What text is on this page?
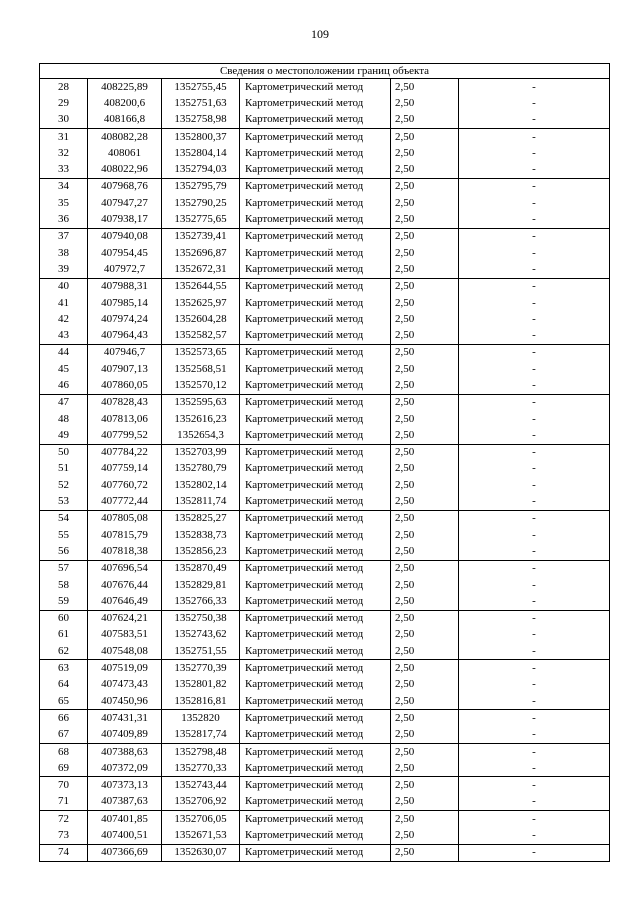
109
Сведения о местоположении границ объекта					
28	408225,89	1352755,45	Картометрический метод	2,50	-
29	408200,6	1352751,63	Картометрический метод	2,50	-
30	408166,8	1352758,98	Картометрический метод	2,50	-
31	408082,28	1352800,37	Картометрический метод	2,50	-
32	408061	1352804,14	Картометрический метод	2,50	-
33	408022,96	1352794,03	Картометрический метод	2,50	-
34	407968,76	1352795,79	Картометрический метод	2,50	-
35	407947,27	1352790,25	Картометрический метод	2,50	-
36	407938,17	1352775,65	Картометрический метод	2,50	-
37	407940,08	1352739,41	Картометрический метод	2,50	-
38	407954,45	1352696,87	Картометрический метод	2,50	-
39	407972,7	1352672,31	Картометрический метод	2,50	-
40	407988,31	1352644,55	Картометрический метод	2,50	-
41	407985,14	1352625,97	Картометрический метод	2,50	-
42	407974,24	1352604,28	Картометрический метод	2,50	-
43	407964,43	1352582,57	Картометрический метод	2,50	-
44	407946,7	1352573,65	Картометрический метод	2,50	-
45	407907,13	1352568,51	Картометрический метод	2,50	-
46	407860,05	1352570,12	Картометрический метод	2,50	-
47	407828,43	1352595,63	Картометрический метод	2,50	-
48	407813,06	1352616,23	Картометрический метод	2,50	-
49	407799,52	1352654,3	Картометрический метод	2,50	-
50	407784,22	1352703,99	Картометрический метод	2,50	-
51	407759,14	1352780,79	Картометрический метод	2,50	-
52	407760,72	1352802,14	Картометрический метод	2,50	-
53	407772,44	1352811,74	Картометрический метод	2,50	-
54	407805,08	1352825,27	Картометрический метод	2,50	-
55	407815,79	1352838,73	Картометрический метод	2,50	-
56	407818,38	1352856,23	Картометрический метод	2,50	-
57	407696,54	1352870,49	Картометрический метод	2,50	-
58	407676,44	1352829,81	Картометрический метод	2,50	-
59	407646,49	1352766,33	Картометрический метод	2,50	-
60	407624,21	1352750,38	Картометрический метод	2,50	-
61	407583,51	1352743,62	Картометрический метод	2,50	-
62	407548,08	1352751,55	Картометрический метод	2,50	-
63	407519,09	1352770,39	Картометрический метод	2,50	-
64	407473,43	1352801,82	Картометрический метод	2,50	-
65	407450,96	1352816,81	Картометрический метод	2,50	-
66	407431,31	1352820	Картометрический метод	2,50	-
67	407409,89	1352817,74	Картометрический метод	2,50	-
68	407388,63	1352798,48	Картометрический метод	2,50	-
69	407372,09	1352770,33	Картометрический метод	2,50	-
70	407373,13	1352743,44	Картометрический метод	2,50	-
71	407387,63	1352706,92	Картометрический метод	2,50	-
72	407401,85	1352706,05	Картометрический метод	2,50	-
73	407400,51	1352671,53	Картометрический метод	2,50	-
74	407366,69	1352630,07	Картометрический метод	2,50	-
